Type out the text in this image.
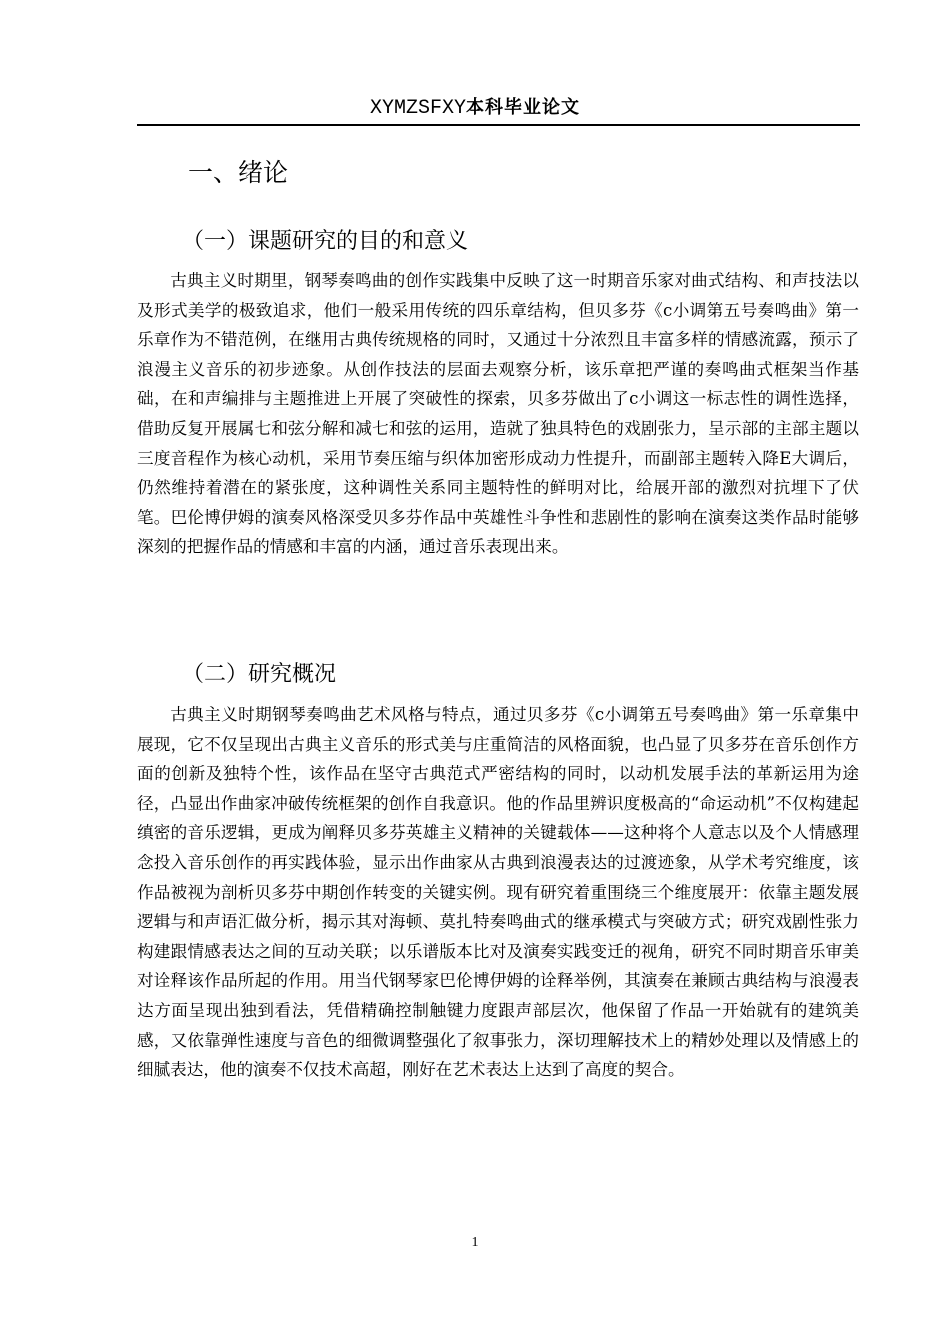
XYMZSFXY本科毕业论文
一、绪论
（一）课题研究的目的和意义

古典主义时期里，钢琴奏鸣曲的创作实践集中反映了这一时期音乐家对曲式结构、和声技法以及形式美学的极致追求，他们一般采用传统的四乐章结构，但贝多芬《c小调第五号奏鸣曲》第一乐章作为不错范例，在继用古典传统规格的同时，又通过十分浓烈且丰富多样的情感流露，预示了浪漫主义音乐的初步迹象。从创作技法的层面去观察分析，该乐章把严谨的奏鸣曲式框架当作基础，在和声编排与主题推进上开展了突破性的探索，贝多芬做出了c小调这一标志性的调性选择，借助反复开展属七和弦分解和减七和弦的运用，造就了独具特色的戏剧张力，呈示部的主部主题以三度音程作为核心动机，采用节奏压缩与织体加密形成动力性提升，而副部主题转入降E大调后，仍然维持着潜在的紧张度，这种调性关系同主题特性的鲜明对比，给展开部的激烈对抗埋下了伏笔。巴伦博伊姆的演奏风格深受贝多芬作品中英雄性斗争性和悲剧性的影响在演奏这类作品时能够深刻的把握作品的情感和丰富的内涵，通过音乐表现出来。

（二）研究概况

古典主义时期钢琴奏鸣曲艺术风格与特点，通过贝多芬《c小调第五号奏鸣曲》第一乐章集中展现，它不仅呈现出古典主义音乐的形式美与庄重简洁的风格面貌，也凸显了贝多芬在音乐创作方面的创新及独特个性，该作品在坚守古典范式严密结构的同时，以动机发展手法的革新运用为途径，凸显出作曲家冲破传统框架的创作自我意识。他的作品里辨识度极高的“命运动机”不仅构建起缜密的音乐逻辑，更成为阐释贝多芬英雄主义精神的关键载体——这种将个人意志以及个人情感理念投入音乐创作的再实践体验，显示出作曲家从古典到浪漫表达的过渡迹象，从学术考究维度，该作品被视为剖析贝多芬中期创作转变的关键实例。现有研究着重围绕三个维度展开：依靠主题发展逻辑与和声语汇做分析，揭示其对海顿、莫扎特奏鸣曲式的继承模式与突破方式；研究戏剧性张力构建跟情感表达之间的互动关联；以乐谱版本比对及演奏实践变迁的视角，研究不同时期音乐审美对诠释该作品所起的作用。用当代钢琴家巴伦博伊姆的诠释举例，其演奏在兼顾古典结构与浪漫表达方面呈现出独到看法，凭借精确控制触键力度跟声部层次，他保留了作品一开始就有的建筑美感，又依靠弹性速度与音色的细微调整强化了叙事张力，深切理解技术上的精妙处理以及情感上的细腻表达，他的演奏不仅技术高超，刚好在艺术表达上达到了高度的契合。

1
